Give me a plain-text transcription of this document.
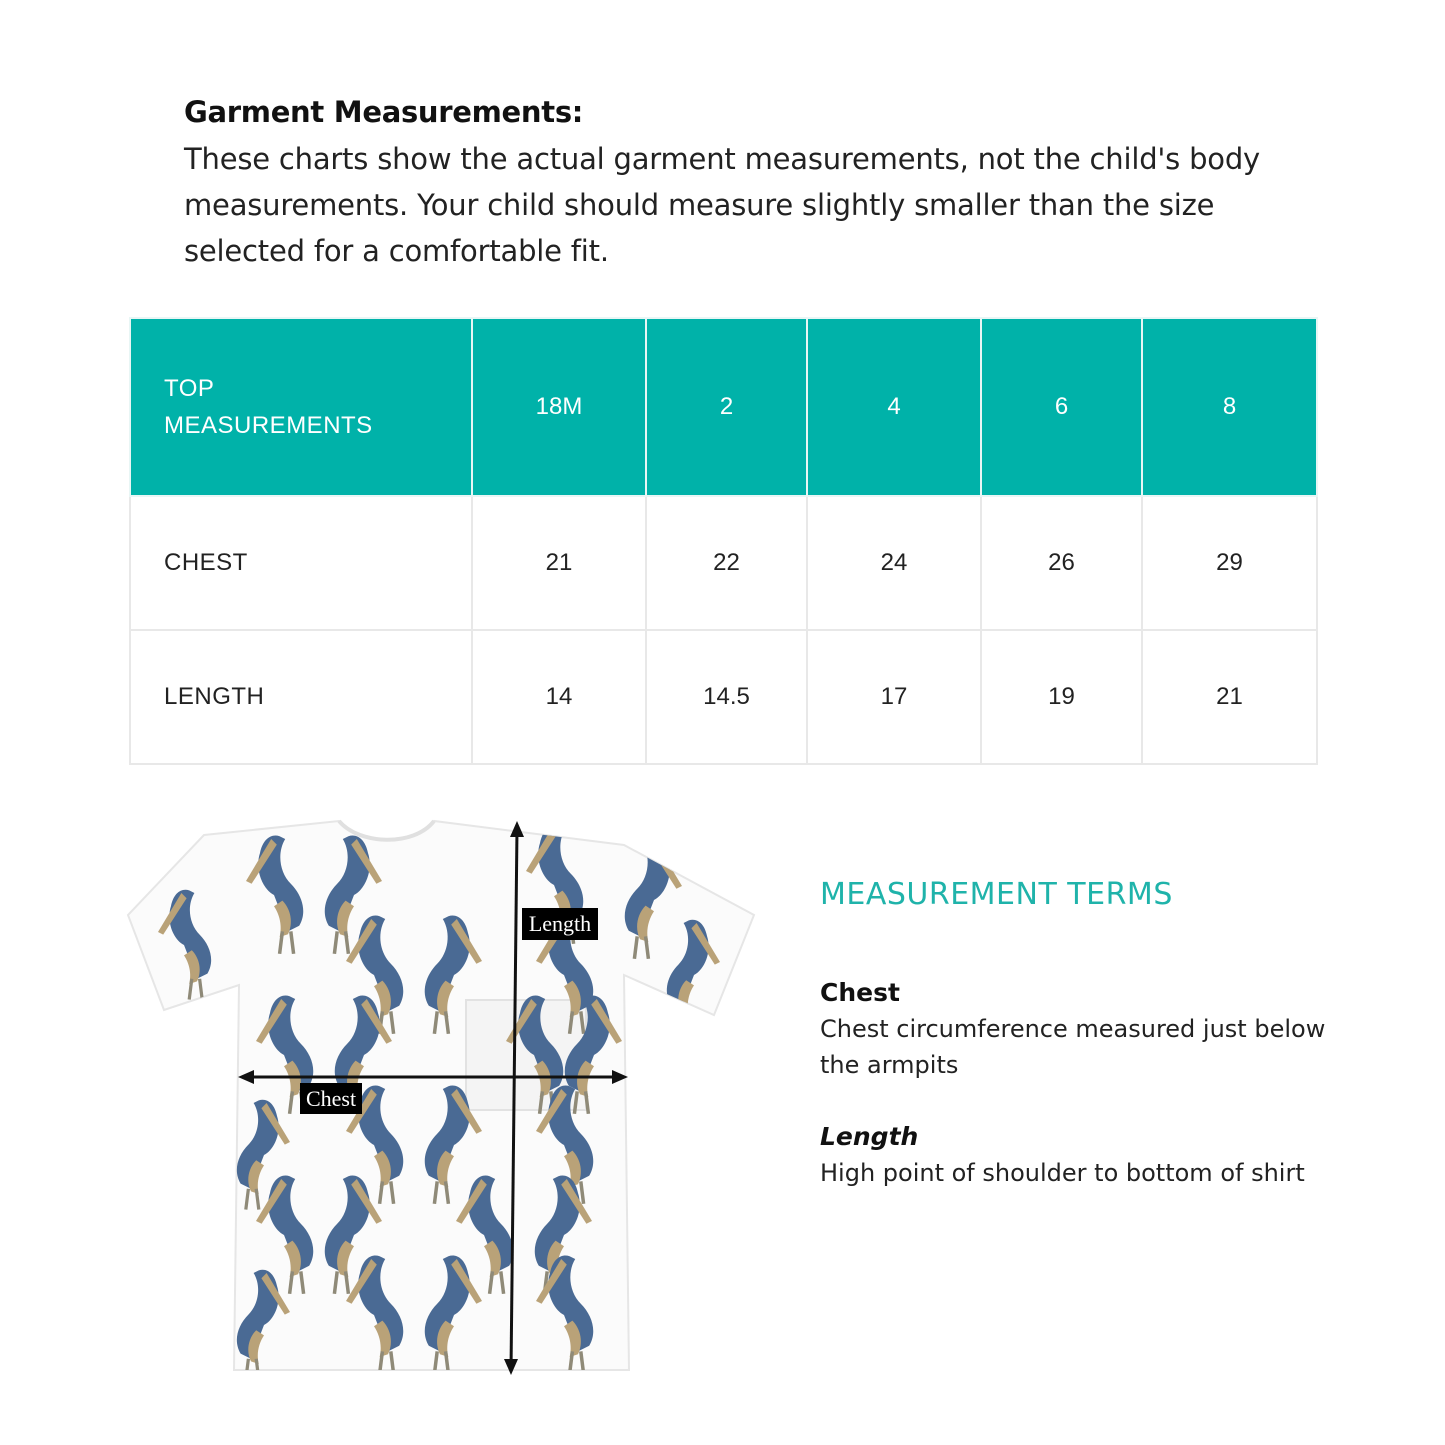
Garment Measurements:
These charts show the actual garment measurements, not the child's body measurements. Your child should measure slightly smaller than the size selected for a comfortable fit.
TOP
MEASUREMENTS	18M	2	4	6	8
CHEST	21	22	24	26	29
LENGTH	14	14.5	17	19	21
Length
Chest
MEASUREMENT TERMS
Chest
Chest circumference measured just below the armpits
Length
High point of shoulder to bottom of shirt
